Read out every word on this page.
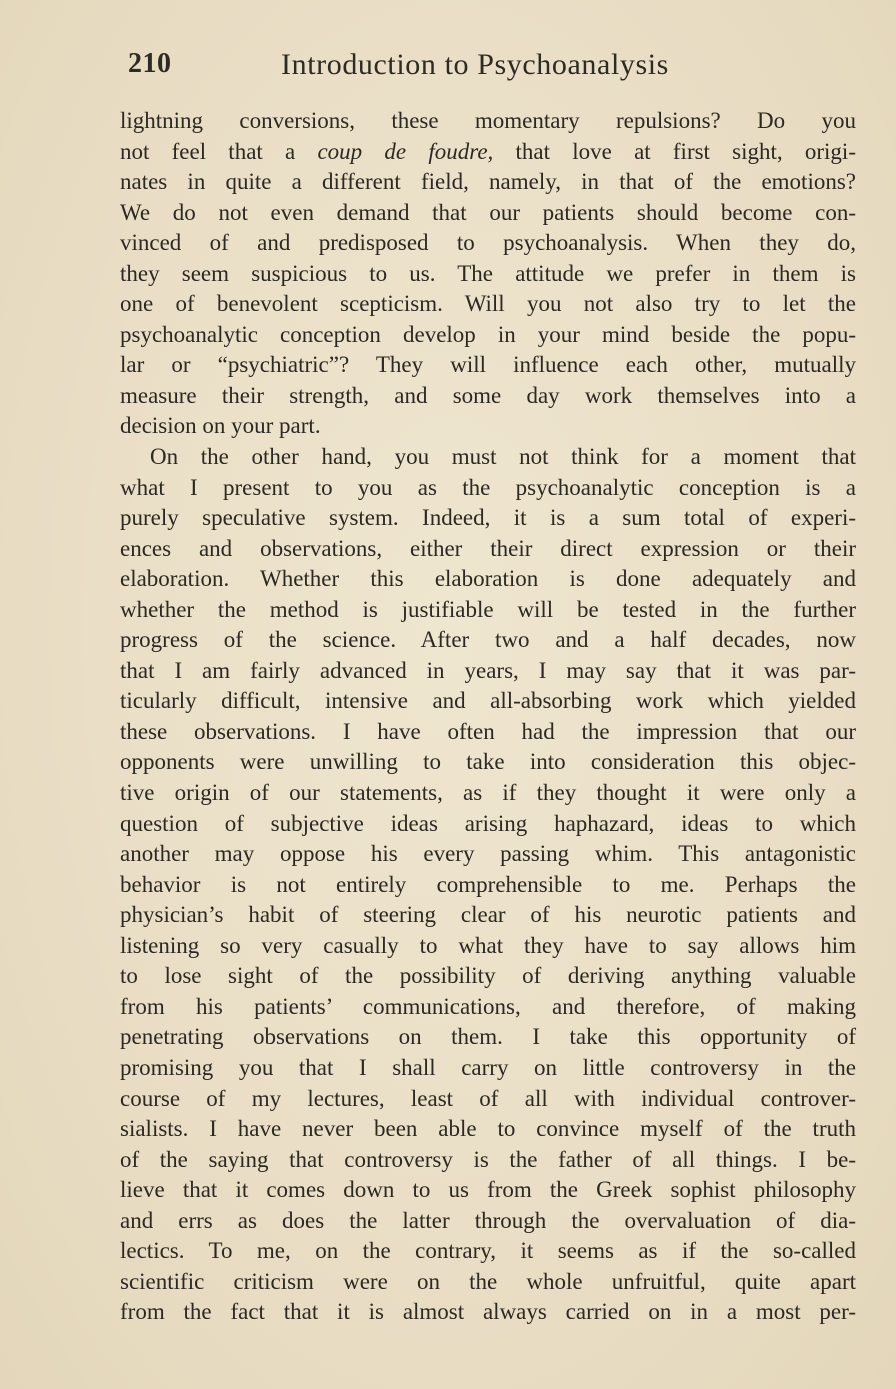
210	Introduction to Psychoanalysis
lightning conversions, these momentary repulsions? Do you
not feel that a coup de foudre, that love at first sight, origi-
nates in quite a different field, namely, in that of the emotions?
We do not even demand that our patients should become con-
vinced of and predisposed to psychoanalysis. When they do,
they seem suspicious to us. The attitude we prefer in them is
one of benevolent scepticism. Will you not also try to let the
psychoanalytic conception develop in your mind beside the popu-
lar or “psychiatric”? They will influence each other, mutually
measure their strength, and some day work themselves into a
decision on your part.
On the other hand, you must not think for a moment that
what I present to you as the psychoanalytic conception is a
purely speculative system. Indeed, it is a sum total of experi-
ences and observations, either their direct expression or their
elaboration. Whether this elaboration is done adequately and
whether the method is justifiable will be tested in the further
progress of the science. After two and a half decades, now
that I am fairly advanced in years, I may say that it was par-
ticularly difficult, intensive and all-absorbing work which yielded
these observations. I have often had the impression that our
opponents were unwilling to take into consideration this objec-
tive origin of our statements, as if they thought it were only a
question of subjective ideas arising haphazard, ideas to which
another may oppose his every passing whim. This antagonistic
behavior is not entirely comprehensible to me. Perhaps the
physician’s habit of steering clear of his neurotic patients and
listening so very casually to what they have to say allows him
to lose sight of the possibility of deriving anything valuable
from his patients’ communications, and therefore, of making
penetrating observations on them. I take this opportunity of
promising you that I shall carry on little controversy in the
course of my lectures, least of all with individual controver-
sialists. I have never been able to convince myself of the truth
of the saying that controversy is the father of all things. I be-
lieve that it comes down to us from the Greek sophist philosophy
and errs as does the latter through the overvaluation of dia-
lectics. To me, on the contrary, it seems as if the so-called
scientific criticism were on the whole unfruitful, quite apart
from the fact that it is almost always carried on in a most per-
